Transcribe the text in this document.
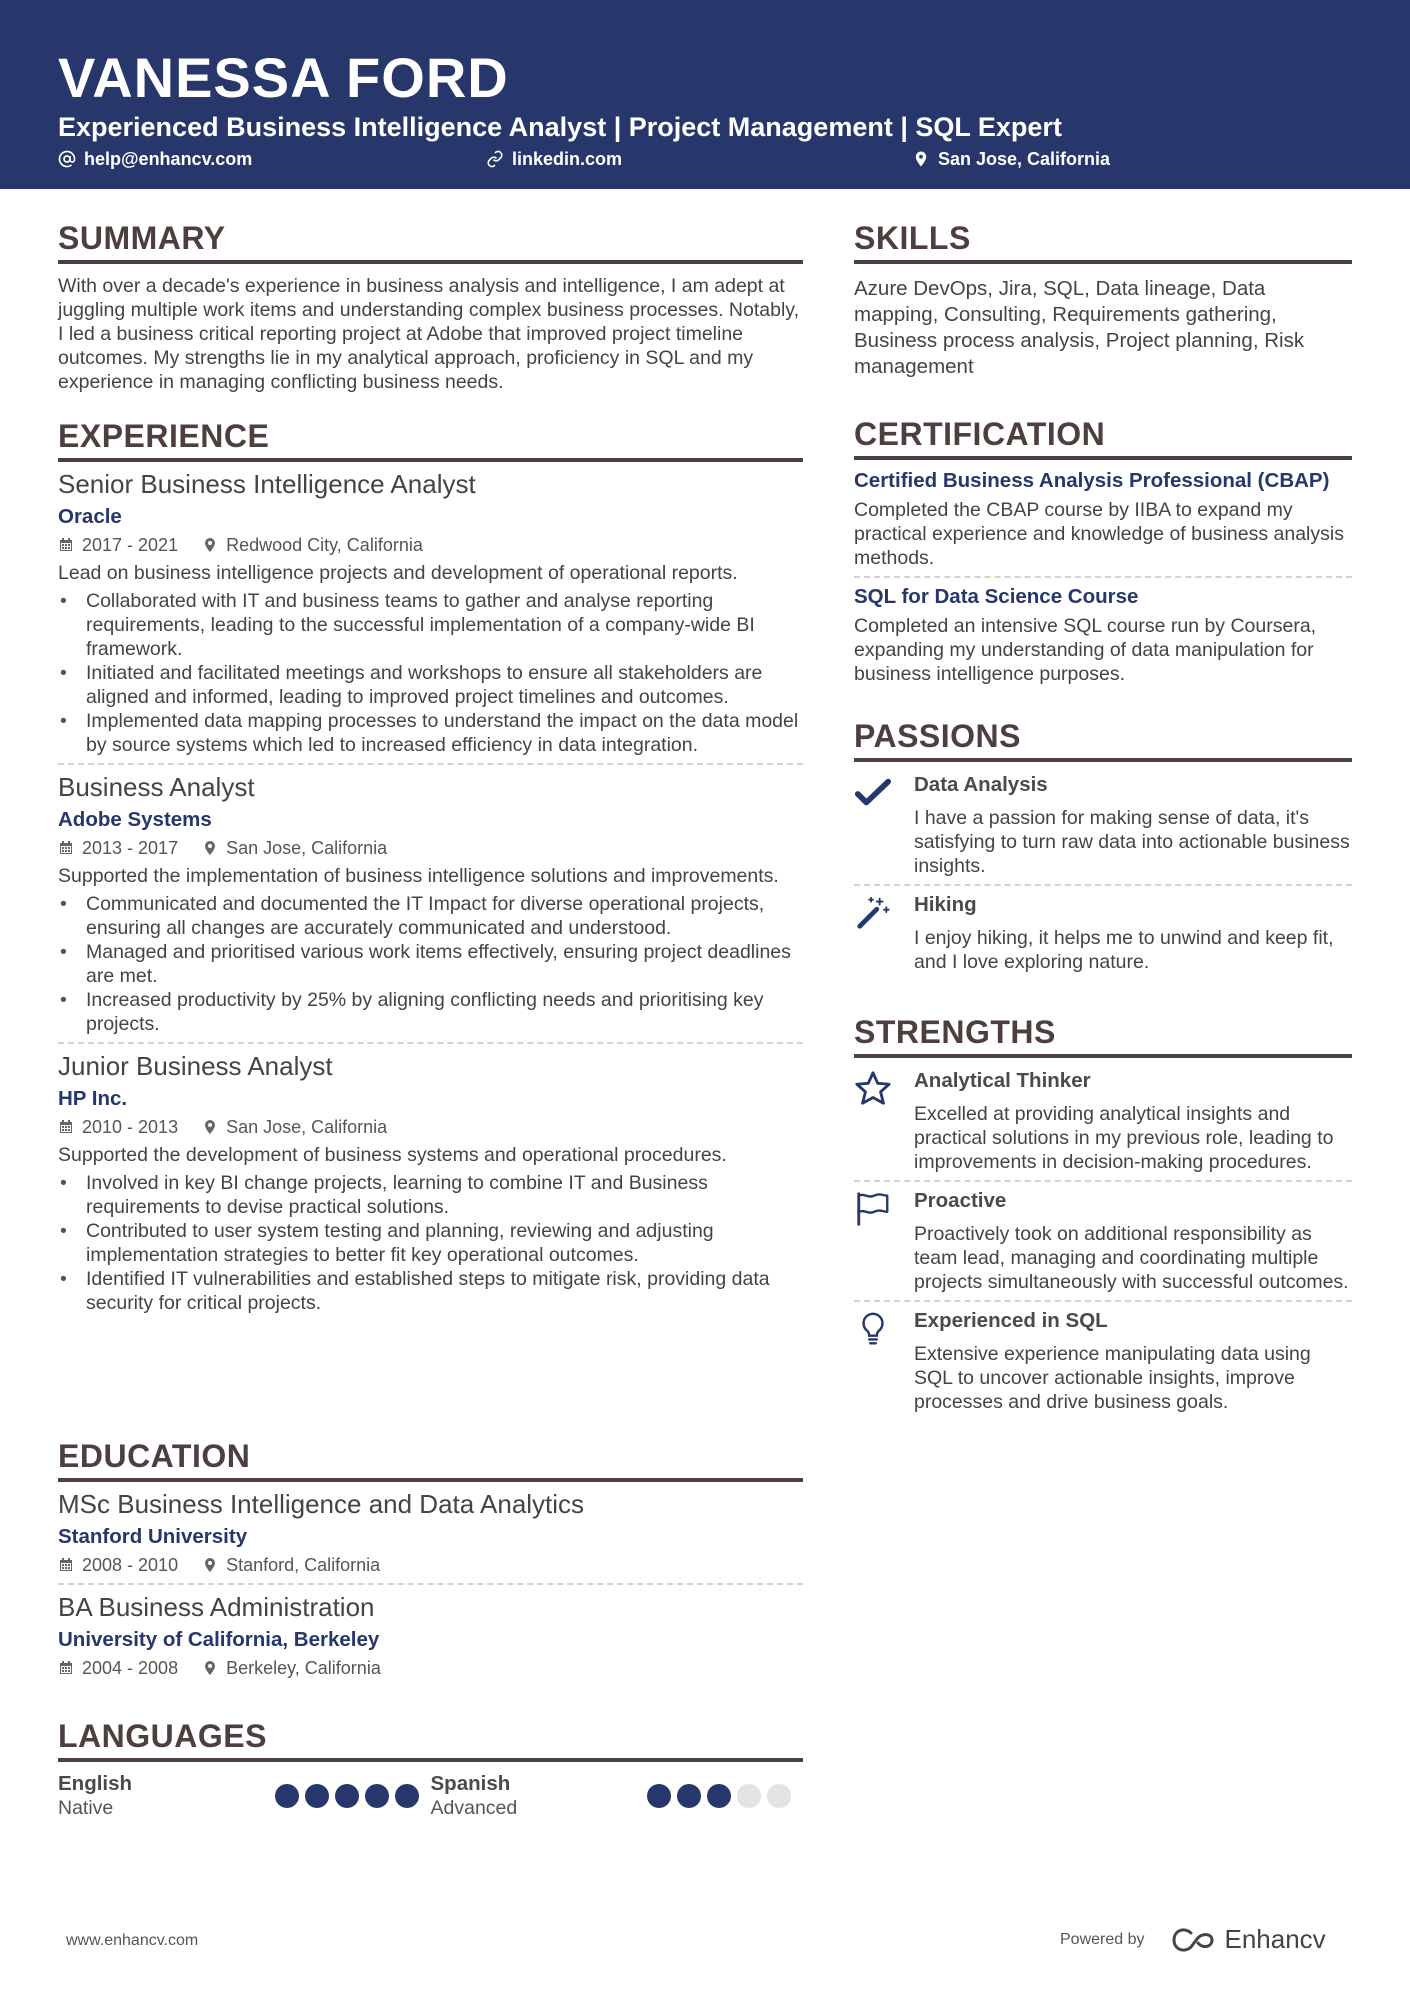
VANESSA FORD
Experienced Business Intelligence Analyst | Project Management | SQL Expert
help@enhancv.com	linkedin.com	San Jose, California
SUMMARY
With over a decade's experience in business analysis and intelligence, I am adept at juggling multiple work items and understanding complex business processes. Notably, I led a business critical reporting project at Adobe that improved project timeline outcomes. My strengths lie in my analytical approach, proficiency in SQL and my experience in managing conflicting business needs.
EXPERIENCE
Senior Business Intelligence Analyst
Oracle
2017 - 2021	Redwood City, California
Lead on business intelligence projects and development of operational reports.
• Collaborated with IT and business teams to gather and analyse reporting requirements, leading to the successful implementation of a company-wide BI framework.
• Initiated and facilitated meetings and workshops to ensure all stakeholders are aligned and informed, leading to improved project timelines and outcomes.
• Implemented data mapping processes to understand the impact on the data model by source systems which led to increased efficiency in data integration.
Business Analyst
Adobe Systems
2013 - 2017	San Jose, California
Supported the implementation of business intelligence solutions and improvements.
• Communicated and documented the IT Impact for diverse operational projects, ensuring all changes are accurately communicated and understood.
• Managed and prioritised various work items effectively, ensuring project deadlines are met.
• Increased productivity by 25% by aligning conflicting needs and prioritising key projects.
Junior Business Analyst
HP Inc.
2010 - 2013	San Jose, California
Supported the development of business systems and operational procedures.
• Involved in key BI change projects, learning to combine IT and Business requirements to devise practical solutions.
• Contributed to user system testing and planning, reviewing and adjusting implementation strategies to better fit key operational outcomes.
• Identified IT vulnerabilities and established steps to mitigate risk, providing data security for critical projects.
EDUCATION
MSc Business Intelligence and Data Analytics
Stanford University
2008 - 2010	Stanford, California
BA Business Administration
University of California, Berkeley
2004 - 2008	Berkeley, California
LANGUAGES
English
Native
Spanish
Advanced
SKILLS
Azure DevOps, Jira, SQL, Data lineage, Data mapping, Consulting, Requirements gathering, Business process analysis, Project planning, Risk management
CERTIFICATION
Certified Business Analysis Professional (CBAP)
Completed the CBAP course by IIBA to expand my practical experience and knowledge of business analysis methods.
SQL for Data Science Course
Completed an intensive SQL course run by Coursera, expanding my understanding of data manipulation for business intelligence purposes.
PASSIONS
Data Analysis
I have a passion for making sense of data, it's satisfying to turn raw data into actionable business insights.
Hiking
I enjoy hiking, it helps me to unwind and keep fit, and I love exploring nature.
STRENGTHS
Analytical Thinker
Excelled at providing analytical insights and practical solutions in my previous role, leading to improvements in decision-making procedures.
Proactive
Proactively took on additional responsibility as team lead, managing and coordinating multiple projects simultaneously with successful outcomes.
Experienced in SQL
Extensive experience manipulating data using SQL to uncover actionable insights, improve processes and drive business goals.
www.enhancv.com	Powered by	Enhancv
